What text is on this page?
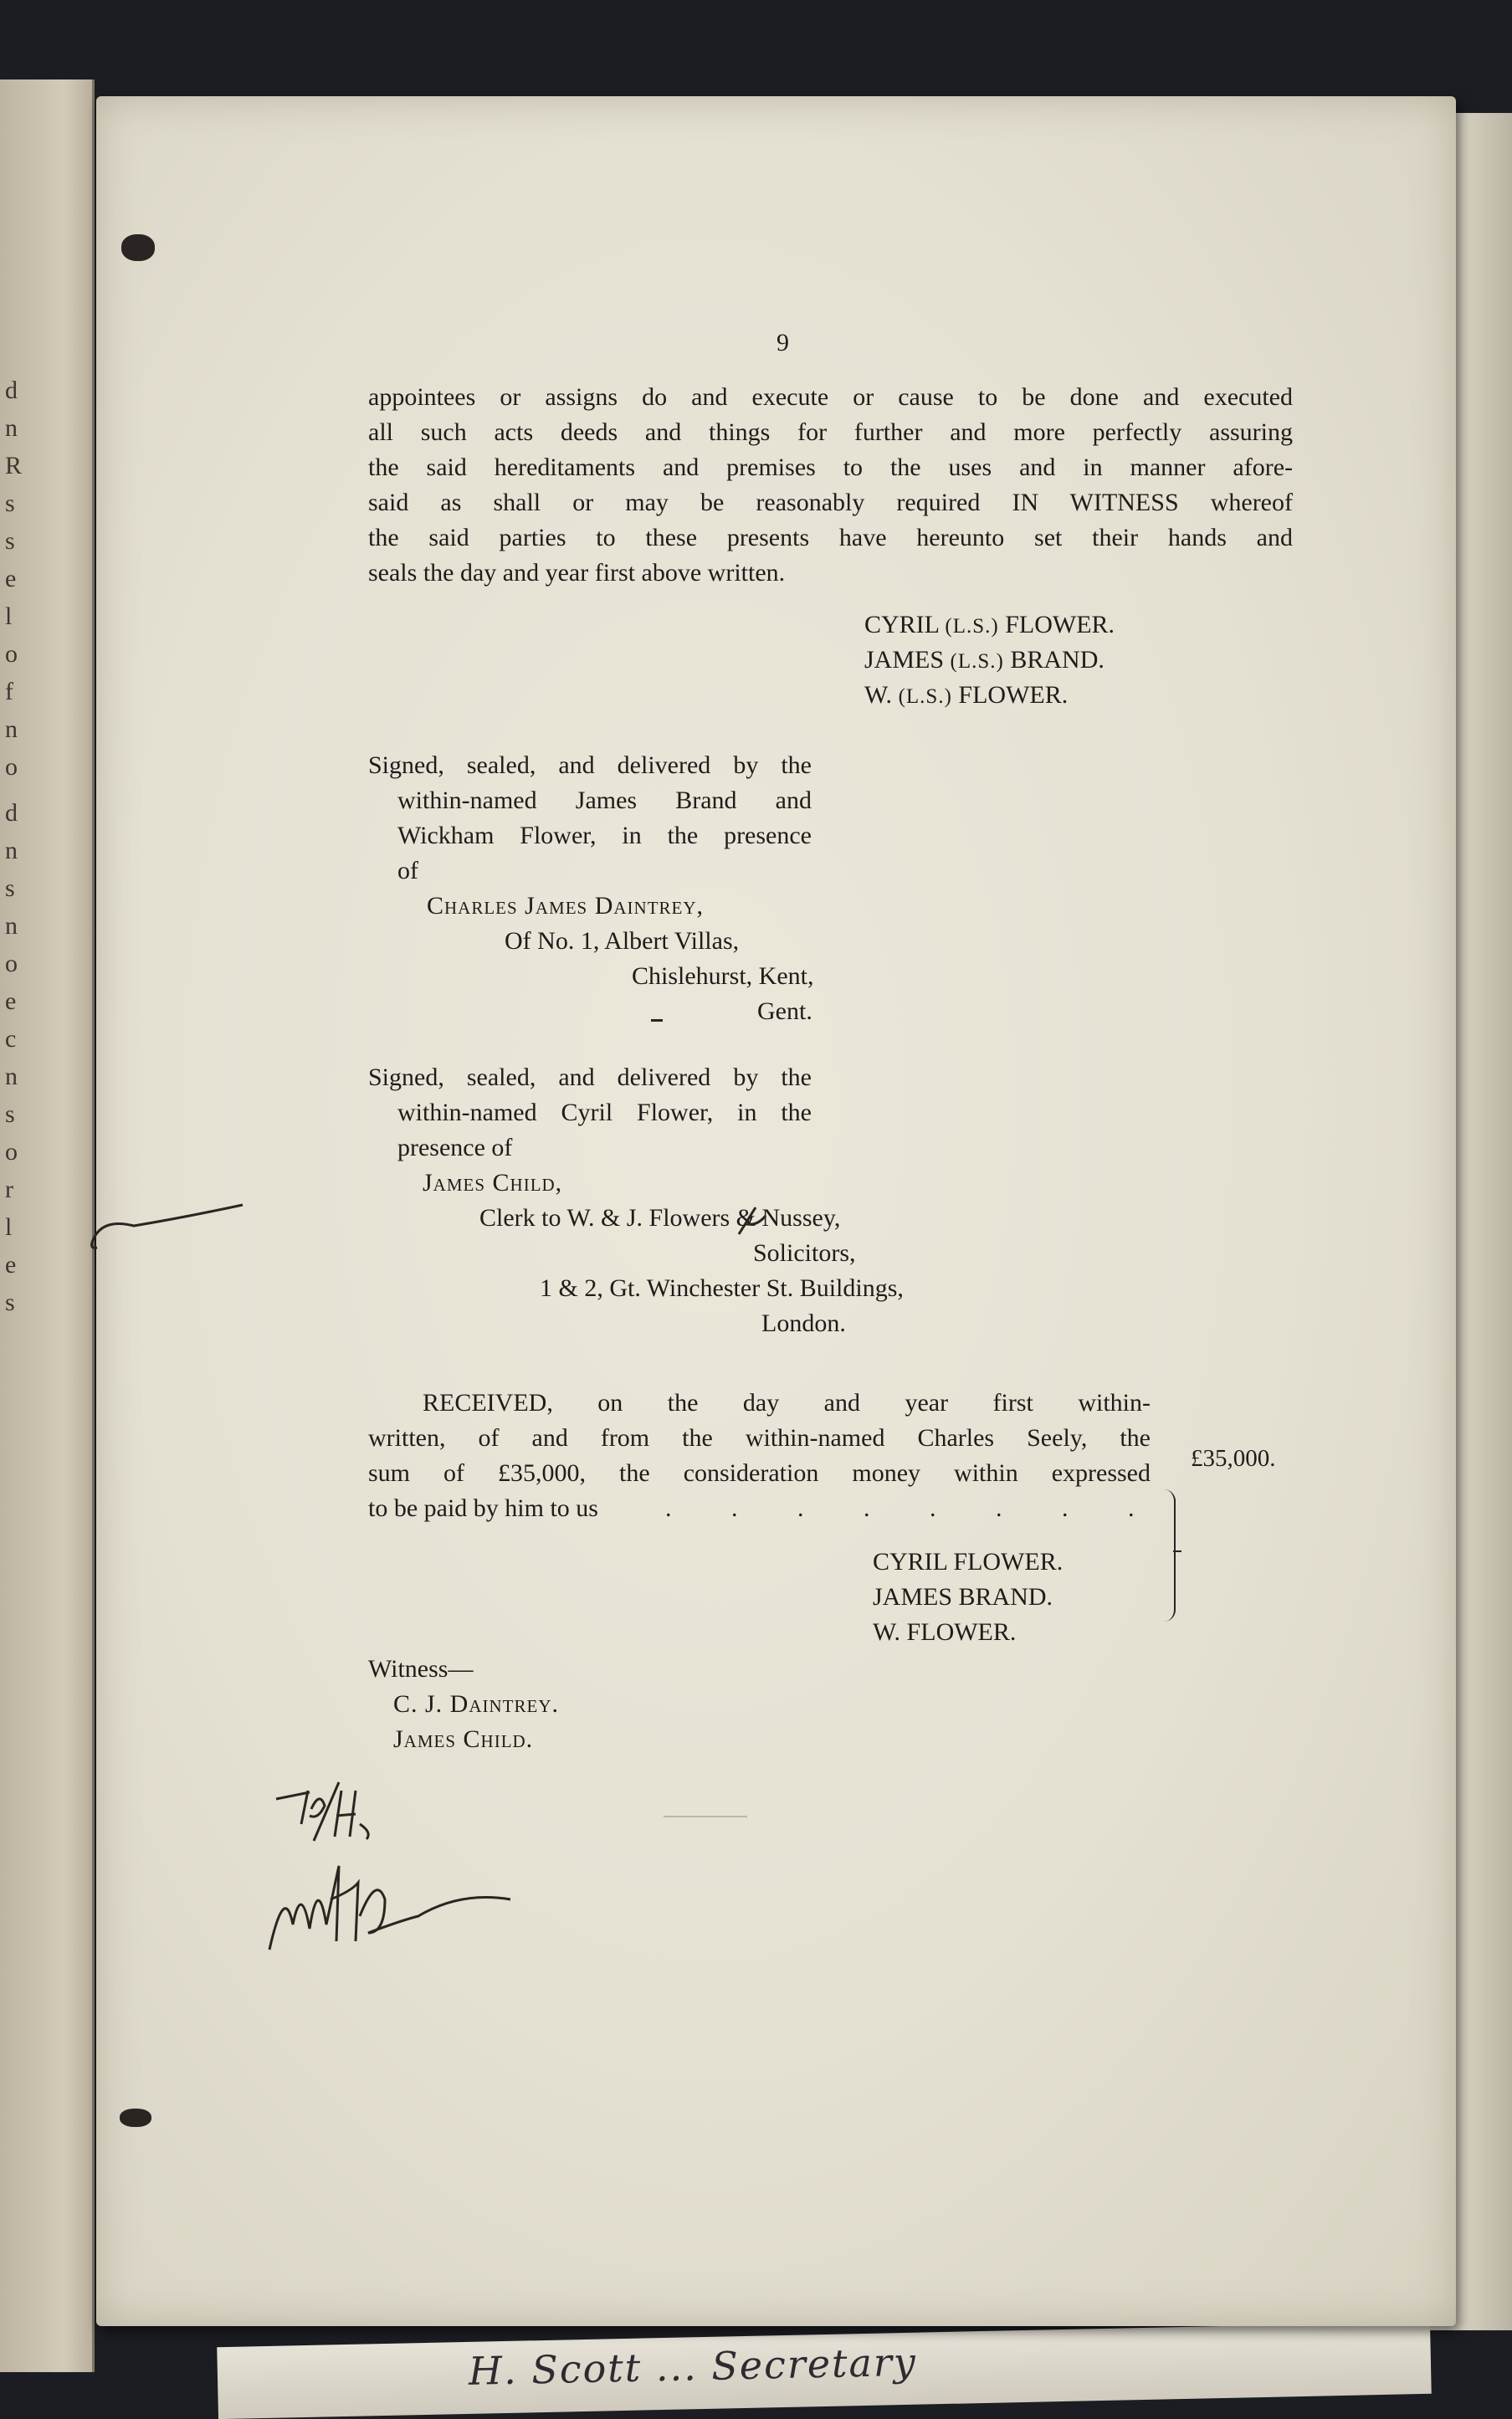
d
n
R
s
s
e
l
o
f
n
o
d
n
s
n
o
e
c
n
s
o
r
l
e
s
H. Scott ... Secretary
9
appointees or assigns do and execute or cause to be done and executed
all such acts deeds and things for further and more perfectly assuring
the said hereditaments and premises to the uses and in manner afore-
said as shall or may be reasonably required IN WITNESS whereof
the said parties to these presents have hereunto set their hands and
seals the day and year first above written.
CYRIL (L.S.) FLOWER.
JAMES (L.S.) BRAND.
W. (L.S.) FLOWER.
Signed, sealed, and delivered by the
within-named James Brand and
Wickham Flower, in the presence
of
Charles James Daintrey,
Of No. 1, Albert Villas,
Chislehurst, Kent,
Gent.
Signed, sealed, and delivered by the
within-named Cyril Flower, in the
presence of
James Child,
Clerk to W. & J. Flowers & Nussey,
Solicitors,
1 & 2, Gt. Winchester St. Buildings,
London.
RECEIVED, on the day and year first within-
written, of and from the within-named Charles Seely, the
sum of £35,000, the consideration money within expressed
to be paid by him to us	. . . . . . . .
£35,000.
CYRIL FLOWER.
JAMES BRAND.
W. FLOWER.
Witness—
C. J. Daintrey.
James Child.
